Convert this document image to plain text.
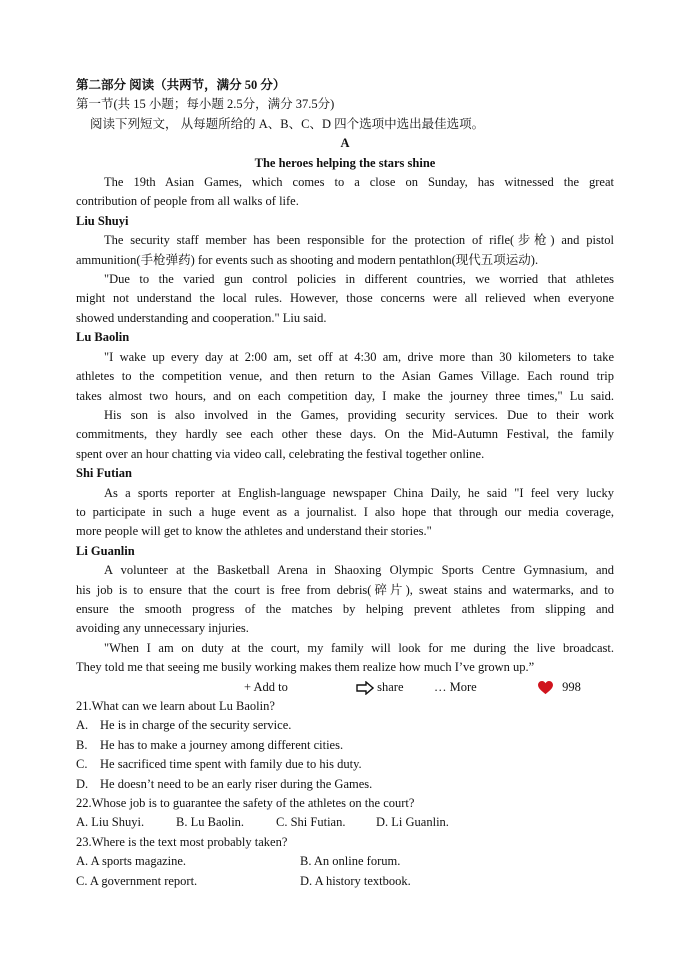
第二部分 阅读（共两节，满分 50 分）
第一节(共 15 小题；每小题 2.5分，满分 37.5分)
阅读下列短文， 从每题所给的 A、B、C、D 四个选项中选出最佳选项。
A
The heroes helping the stars shine
The 19th Asian Games, which comes to a close on Sunday, has witnessed the great
contribution of people from all walks of life.
Liu Shuyi
The security staff member has been responsible for the protection of rifle(步枪) and pistol
ammunition(手枪弹药) for events such as shooting and modern pentathlon(现代五项运动).
"Due to the varied gun control policies in different countries, we worried that athletes
might not understand the local rules. However, those concerns were all relieved when everyone
showed understanding and cooperation." Liu said.
Lu Baolin
"I wake up every day at 2:00 am, set off at 4:30 am, drive more than 30 kilometers to take
athletes to the competition venue, and then return to the Asian Games Village. Each round trip
takes almost two hours, and on each competition day, I make the journey three times," Lu said.
His son is also involved in the Games, providing security services. Due to their work
commitments, they hardly see each other these days. On the Mid-Autumn Festival, the family
spent over an hour chatting via video call, celebrating the festival together online.
Shi Futian
As a sports reporter at English-language newspaper China Daily, he said "I feel very lucky
to participate in such a huge event as a journalist. I also hope that through our media coverage,
more people will get to know the athletes and understand their stories."
Li Guanlin
A volunteer at the Basketball Arena in Shaoxing Olympic Sports Centre Gymnasium, and
his job is to ensure that the court is free from debris(碎片), sweat stains and watermarks, and to
ensure the smooth progress of the matches by helping prevent athletes from slipping and
avoiding any unnecessary injuries.
"When I am on duty at the court, my family will look for me during the live broadcast.
They told me that seeing me busily working makes them realize how much I’ve grown up.”
+ Add to	share … More	998
21.What can we learn about Lu Baolin?
A. He is in charge of the security service.
B.	He has to make a journey among different cities.
C.	He sacrificed time spent with family due to his duty.
D. He doesn’t need to be an early riser during the Games.
22.Whose job is to guarantee the safety of the athletes on the court?
A. Liu Shuyi.	B. Lu Baolin.	C. Shi Futian.	D. Li Guanlin.
23.Where is the text most probably taken?
A. A sports magazine.	B. An online forum.
C. A government report.	D. A history textbook.
